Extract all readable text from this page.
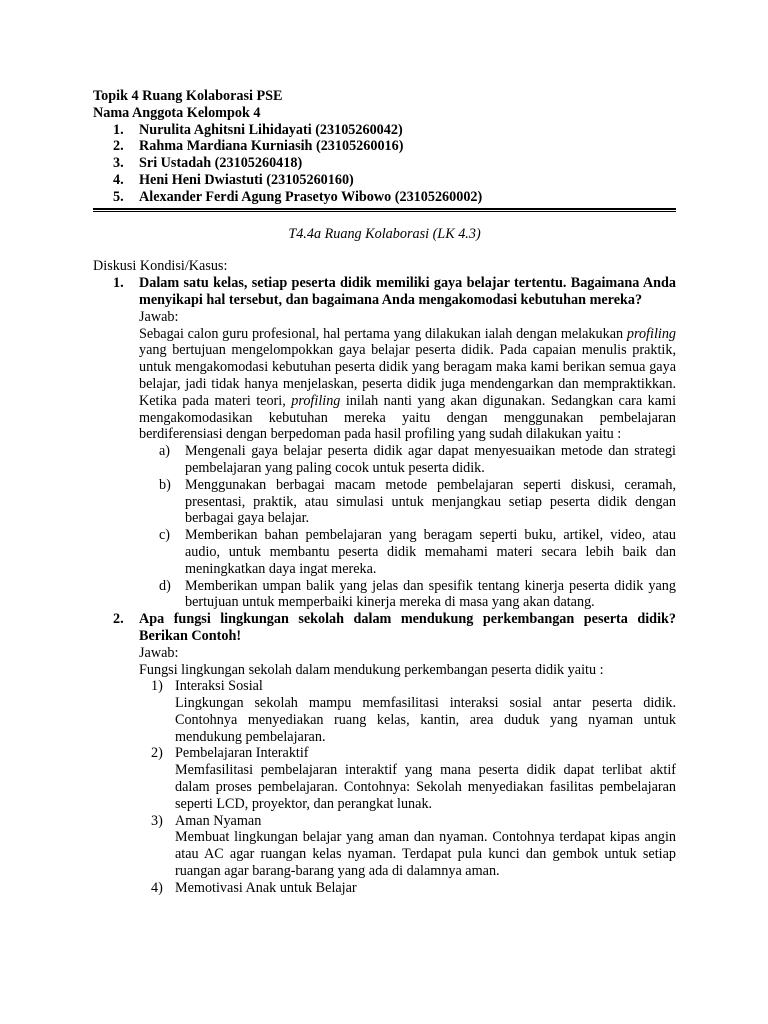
Topik 4 Ruang Kolaborasi PSE
Nama Anggota Kelompok 4
1. Nurulita Aghitsni Lihidayati (23105260042)
2. Rahma Mardiana Kurniasih (23105260016)
3. Sri Ustadah (23105260418)
4. Heni Heni Dwiastuti (23105260160)
5. Alexander Ferdi Agung Prasetyo Wibowo (23105260002)
T4.4a Ruang Kolaborasi (LK 4.3)
Diskusi Kondisi/Kasus:
1. Dalam satu kelas, setiap peserta didik memiliki gaya belajar tertentu. Bagaimana Anda menyikapi hal tersebut, dan bagaimana Anda mengakomodasi kebutuhan mereka?
Jawab:
Sebagai calon guru profesional, hal pertama yang dilakukan ialah dengan melakukan profiling yang bertujuan mengelompokkan gaya belajar peserta didik. Pada capaian menulis praktik, untuk mengakomodasi kebutuhan peserta didik yang beragam maka kami berikan semua gaya belajar, jadi tidak hanya menjelaskan, peserta didik juga mendengarkan dan mempraktikkan. Ketika pada materi teori, profiling inilah nanti yang akan digunakan. Sedangkan cara kami mengakomodasikan kebutuhan mereka yaitu dengan menggunakan pembelajaran berdiferensiasi dengan berpedoman pada hasil profiling yang sudah dilakukan yaitu :
a) Mengenali gaya belajar peserta didik agar dapat menyesuaikan metode dan strategi pembelajaran yang paling cocok untuk peserta didik.
b) Menggunakan berbagai macam metode pembelajaran seperti diskusi, ceramah, presentasi, praktik, atau simulasi untuk menjangkau setiap peserta didik dengan berbagai gaya belajar.
c) Memberikan bahan pembelajaran yang beragam seperti buku, artikel, video, atau audio, untuk membantu peserta didik memahami materi secara lebih baik dan meningkatkan daya ingat mereka.
d) Memberikan umpan balik yang jelas dan spesifik tentang kinerja peserta didik yang bertujuan untuk memperbaiki kinerja mereka di masa yang akan datang.
2. Apa fungsi lingkungan sekolah dalam mendukung perkembangan peserta didik? Berikan Contoh!
Jawab:
Fungsi lingkungan sekolah dalam mendukung perkembangan peserta didik yaitu :
1) Interaksi Sosial
Lingkungan sekolah mampu memfasilitasi interaksi sosial antar peserta didik. Contohnya menyediakan ruang kelas, kantin, area duduk yang nyaman untuk mendukung pembelajaran.
2) Pembelajaran Interaktif
Memfasilitasi pembelajaran interaktif yang mana peserta didik dapat terlibat aktif dalam proses pembelajaran. Contohnya: Sekolah menyediakan fasilitas pembelajaran seperti LCD, proyektor, dan perangkat lunak.
3) Aman Nyaman
Membuat lingkungan belajar yang aman dan nyaman. Contohnya terdapat kipas angin atau AC agar ruangan kelas nyaman. Terdapat pula kunci dan gembok untuk setiap ruangan agar barang-barang yang ada di dalamnya aman.
4) Memotivasi Anak untuk Belajar
